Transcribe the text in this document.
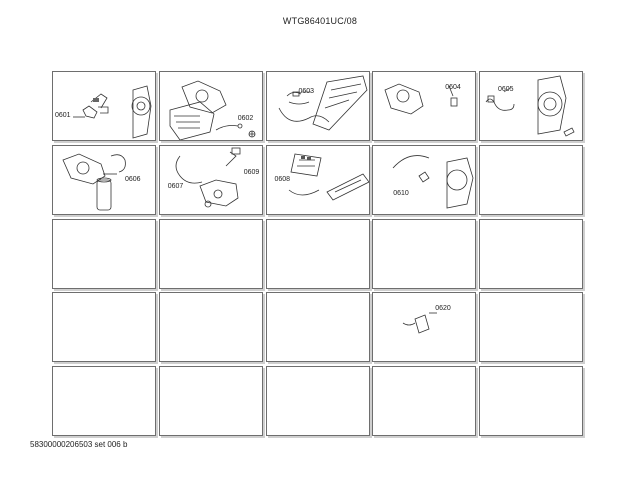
WTG86401UC/08
0601	0602
0603
0604	0605
0606
0607
0609
0608
0610
0620
58300000206503 set 006 b
